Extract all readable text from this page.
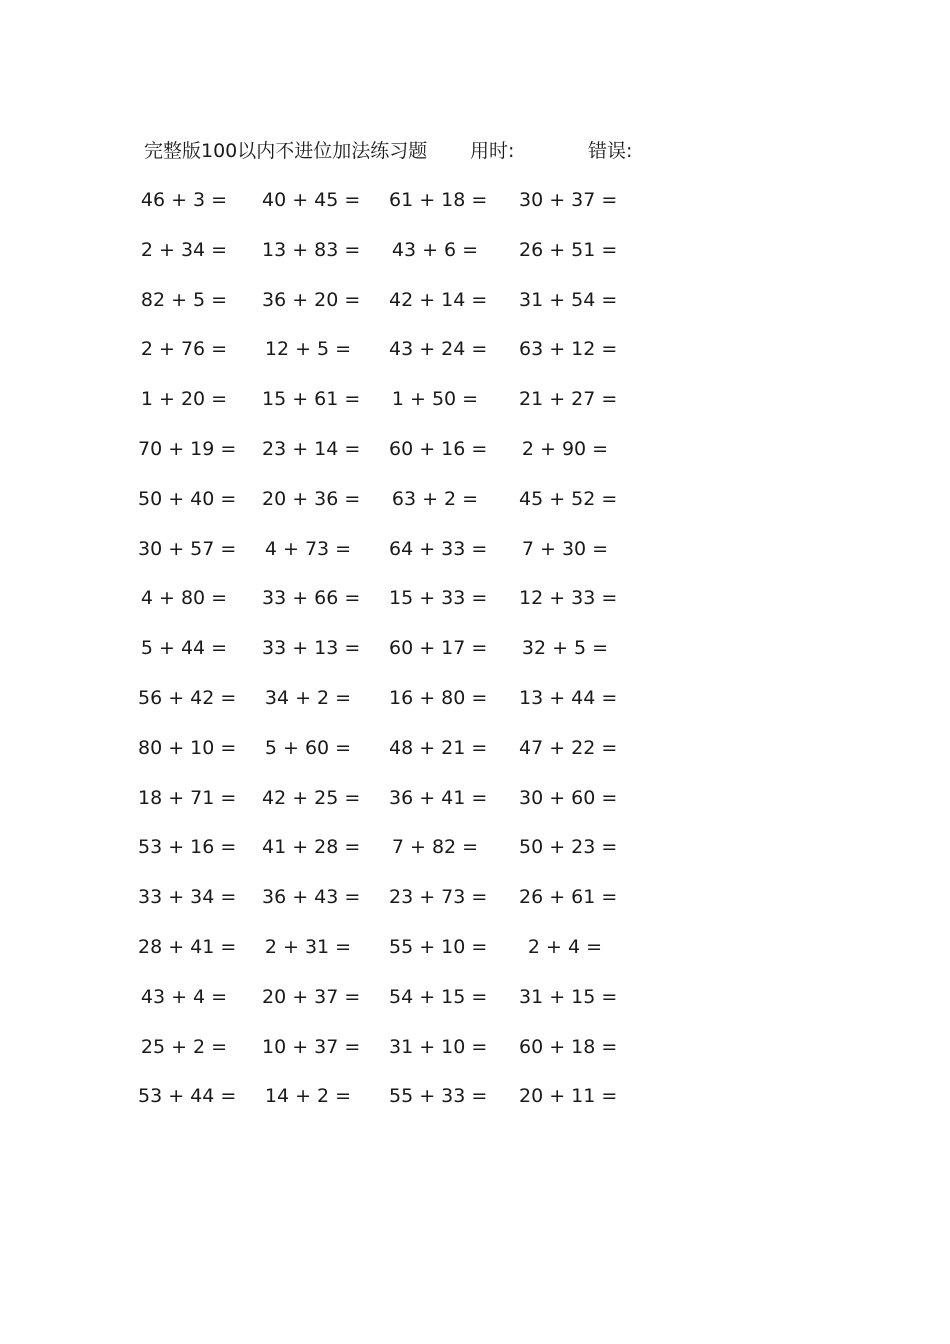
完整版100以内不进位加法练习题 用时:	错误:
46 + 3 = 40 + 45 = 61 + 18 = 30 + 37 =
2 + 34 = 13 + 83 = 43 + 6 = 26 + 51 =
82 + 5 = 36 + 20 = 42 + 14 = 31 + 54 =
2 + 76 = 12 + 5 = 43 + 24 = 63 + 12 =
1 + 20 = 15 + 61 = 1 + 50 = 21 + 27 =
70 + 19 = 23 + 14 = 60 + 16 = 2 + 90 =
50 + 40 = 20 + 36 = 63 + 2 = 45 + 52 =
30 + 57 = 4 + 73 = 64 + 33 = 7 + 30 =
4 + 80 = 33 + 66 = 15 + 33 = 12 + 33 =
5 + 44 = 33 + 13 = 60 + 17 = 32 + 5 =
56 + 42 = 34 + 2 = 16 + 80 = 13 + 44 =
80 + 10 = 5 + 60 = 48 + 21 = 47 + 22 =
18 + 71 = 42 + 25 = 36 + 41 = 30 + 60 =
53 + 16 = 41 + 28 = 7 + 82 = 50 + 23 =
33 + 34 = 36 + 43 = 23 + 73 = 26 + 61 =
28 + 41 = 2 + 31 = 55 + 10 =	2 + 4 =
43 + 4 = 20 + 37 = 54 + 15 = 31 + 15 =
25 + 2 = 10 + 37 = 31 + 10 = 60 + 18 =
53 + 44 = 14 + 2 = 55 + 33 = 20 + 11 =
